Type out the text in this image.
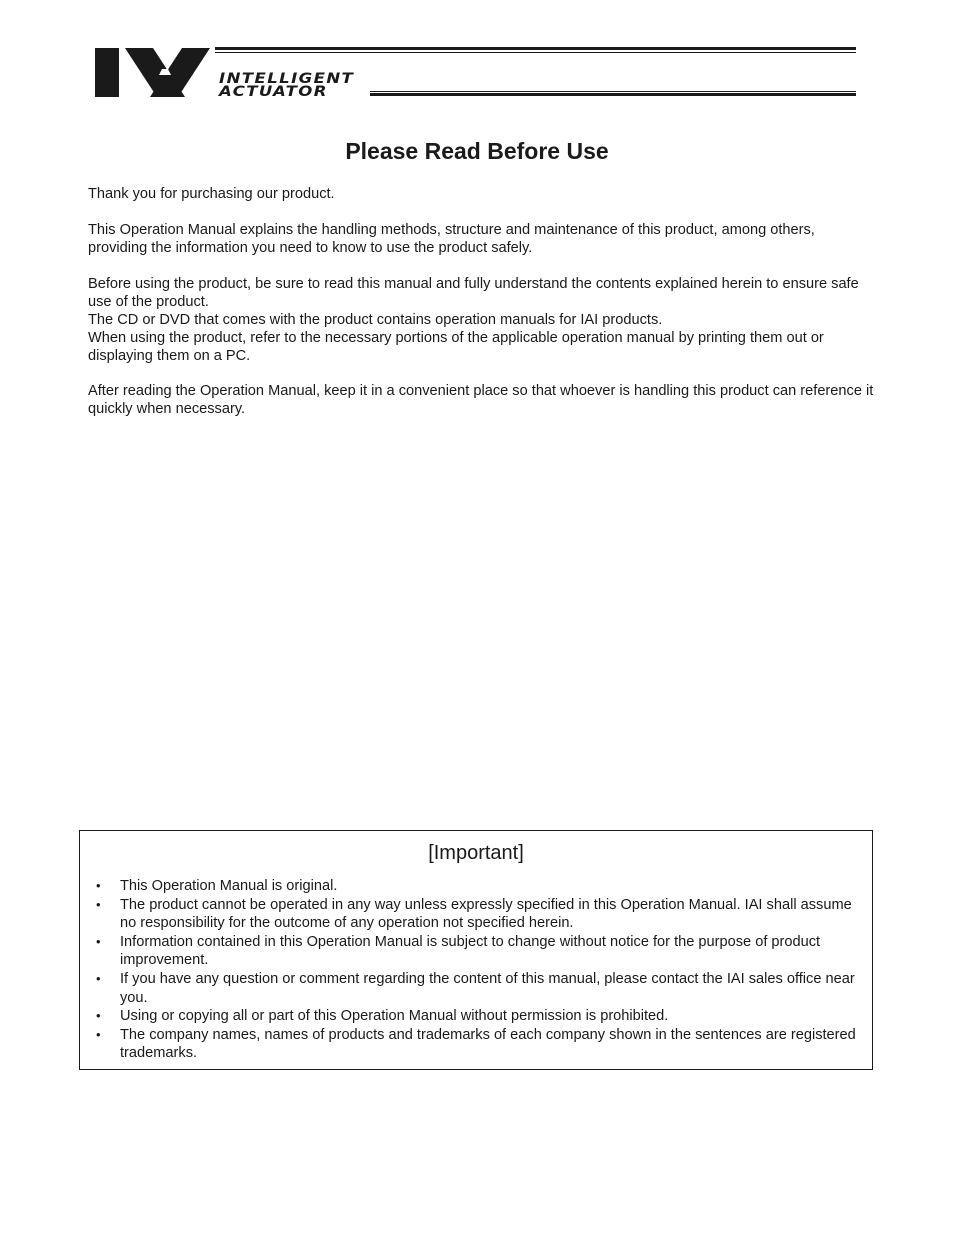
INTELLIGENT
ACTUATOR
Please Read Before Use

Thank you for purchasing our product.

This Operation Manual explains the handling methods, structure and maintenance of this product, among others, providing the information you need to know to use the product safely.

Before using the product, be sure to read this manual and fully understand the contents explained herein to ensure safe use of the product.

The CD or DVD that comes with the product contains operation manuals for IAI products.

When using the product, refer to the necessary portions of the applicable operation manual by printing them out or displaying them on a PC.

After reading the Operation Manual, keep it in a convenient place so that whoever is handling this product can reference it quickly when necessary.

[Important]
•	This Operation Manual is original.
•	The product cannot be operated in any way unless expressly specified in this Operation Manual. IAI shall assume no responsibility for the outcome of any operation not specified herein.
•	Information contained in this Operation Manual is subject to change without notice for the purpose of product improvement.
•	If you have any question or comment regarding the content of this manual, please contact the IAI sales office near you.
•	Using or copying all or part of this Operation Manual without permission is prohibited.
•	The company names, names of products and trademarks of each company shown in the sentences are registered trademarks.
